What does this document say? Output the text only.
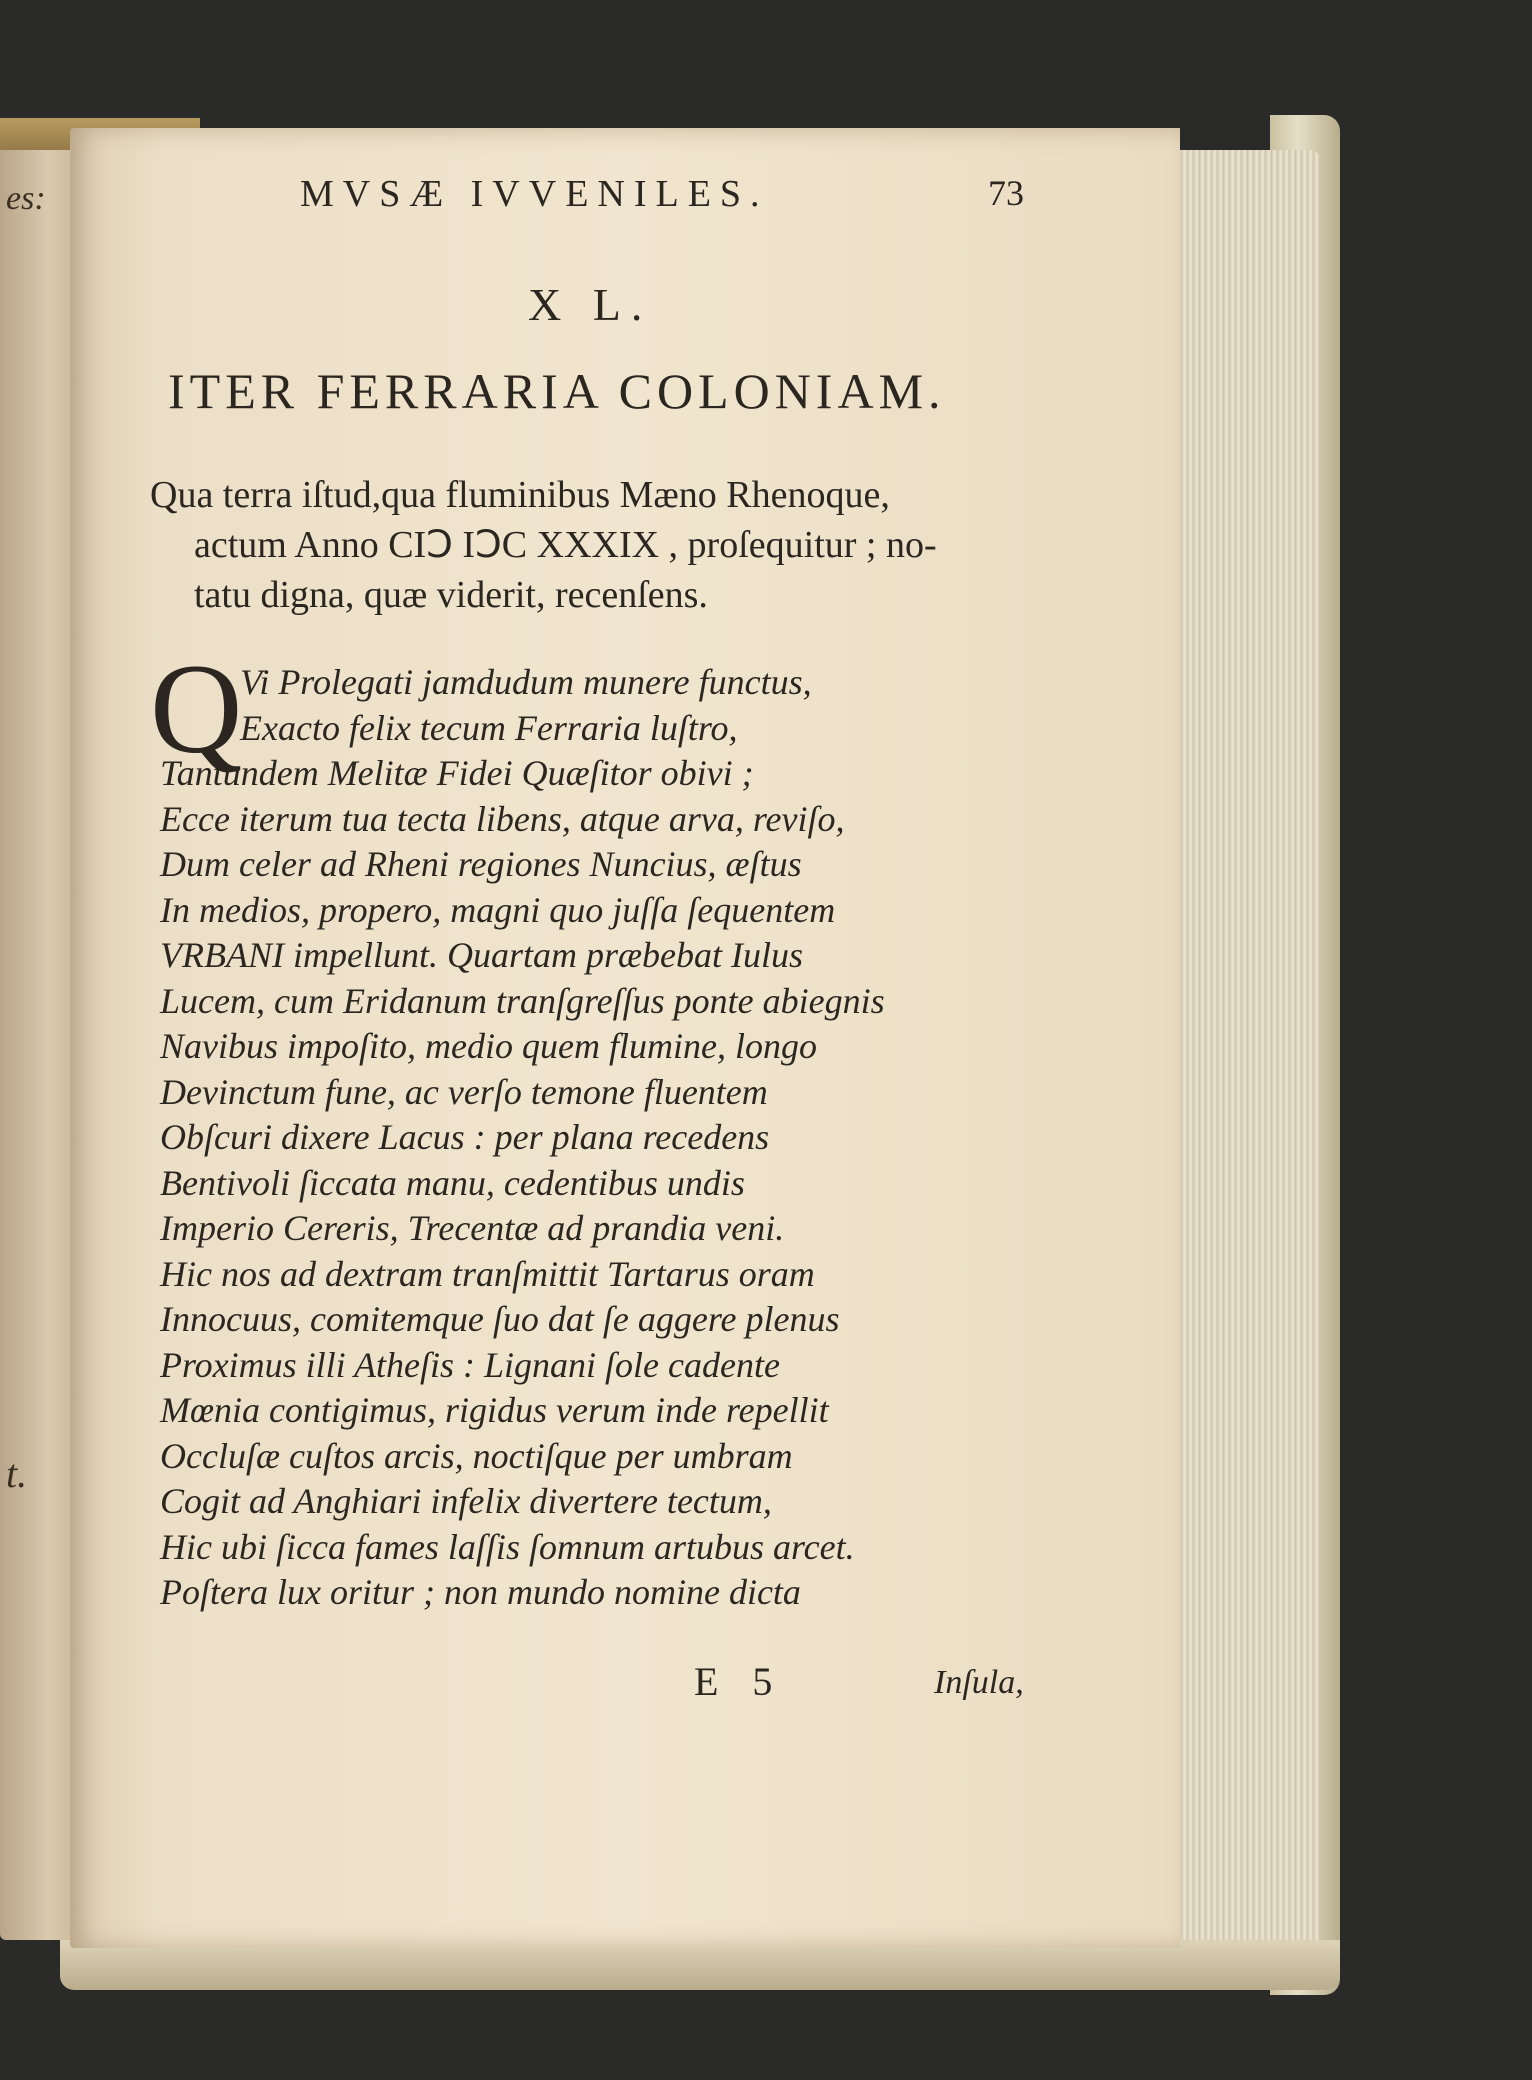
es:
t.
MVSÆ IVVENILES.	73
X L.
ITER FERRARIA COLONIAM.
Qua terra iſtud,qua fluminibus Mæno Rhenoque,
actum Anno CIↃ IↃC XXXIX , proſequitur ; no-
tatu digna, quæ viderit, recenſens.
Q
Vi Prolegati jamdudum munere functus,
Exacto felix tecum Ferraria luſtro,
Tantundem Melitæ Fidei Quæſitor obivi ;
Ecce iterum tua tecta libens, atque arva, reviſo,
Dum celer ad Rheni regiones Nuncius, æſtus
In medios, propero, magni quo juſſa ſequentem
VRBANI impellunt. Quartam præbebat Iulus
Lucem, cum Eridanum tranſgreſſus ponte abiegnis
Navibus impoſito, medio quem flumine, longo
Devinctum fune, ac verſo temone fluentem
Obſcuri dixere Lacus : per plana recedens
Bentivoli ſiccata manu, cedentibus undis
Imperio Cereris, Trecentæ ad prandia veni.
Hic nos ad dextram tranſmittit Tartarus oram
Innocuus, comitemque ſuo dat ſe aggere plenus
Proximus illi Atheſis : Lignani ſole cadente
Mœnia contigimus, rigidus verum inde repellit
Occluſæ cuſtos arcis, noctiſque per umbram
Cogit ad Anghiari infelix divertere tectum,
Hic ubi ſicca fames laſſis ſomnum artubus arcet.
Poſtera lux oritur ; non mundo nomine dicta
E 5	Inſula,
